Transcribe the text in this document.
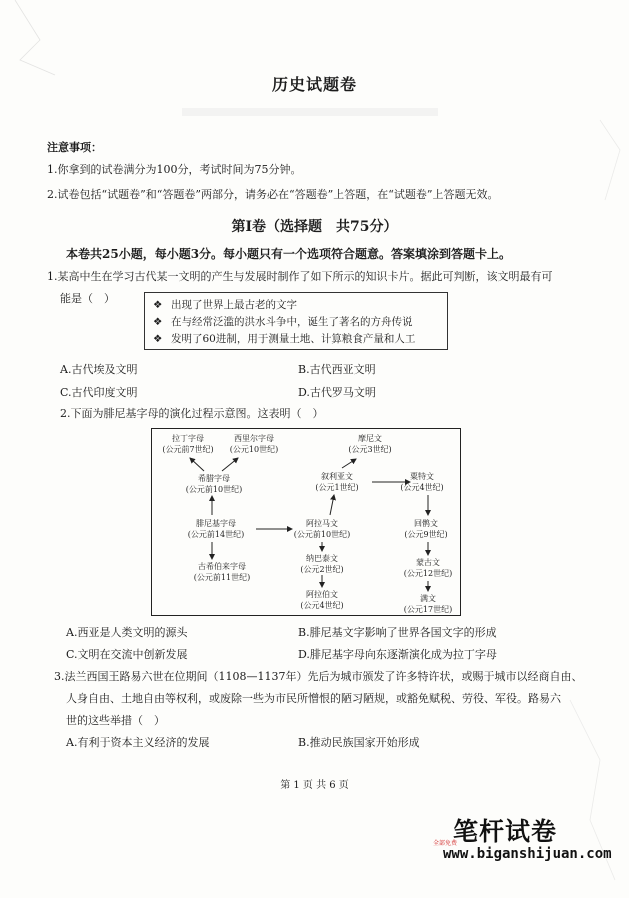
历史试题卷
注意事项：
1.你拿到的试卷满分为100分，考试时间为75分钟。
2.试卷包括“试题卷”和“答题卷”两部分，请务必在“答题卷”上答题，在“试题卷”上答题无效。
第Ⅰ卷（选择题　共75分）
本卷共25小题，每小题3分。每小题只有一个选项符合题意。答案填涂到答题卡上。
1.某高中生在学习古代某一文明的产生与发展时制作了如下所示的知识卡片。据此可判断，该文明最有可
能是（　）	❖ 出现了世界上最古老的文字
❖ 在与经常泛滥的洪水斗争中，诞生了著名的方舟传说
❖ 发明了60进制，用于测量土地、计算粮食产量和人工
A.古代埃及文明	B.古代西亚文明
C.古代印度文明	D.古代罗马文明
2.下面为腓尼基字母的演化过程示意图。这表明（　）
拉丁字母
(公元前7世纪)
西里尔字母
(公元10世纪)
希腊字母
(公元前10世纪)
腓尼基字母
(公元前14世纪)
古希伯来字母
(公元前11世纪)
摩尼文
(公元3世纪)
叙利亚文
(公元1世纪)
粟特文
(公元4世纪)
阿拉马文
(公元前10世纪)
回鹘文
(公元9世纪)
纳巴泰文
(公元2世纪)
蒙古文
(公元12世纪)
阿拉伯文
(公元4世纪)
满文
(公元17世纪)
A.西亚是人类文明的源头	B.腓尼基文字影响了世界各国文字的形成
C.文明在交流中创新发展	D.腓尼基字母向东逐渐演化成为拉丁字母
3.法兰西国王路易六世在位期间（1108—1137年）先后为城市颁发了许多特许状，或赐于城市以经商自由、
人身自由、土地自由等权利，或废除一些为市民所憎恨的陋习陋规，或豁免赋税、劳役、军役。路易六
世的这些举措（　）
A.有利于资本主义经济的发展	B.推动民族国家开始形成
第 1 页 共 6 页
笔杆试卷
全部免费
www.biganshijuan.com
